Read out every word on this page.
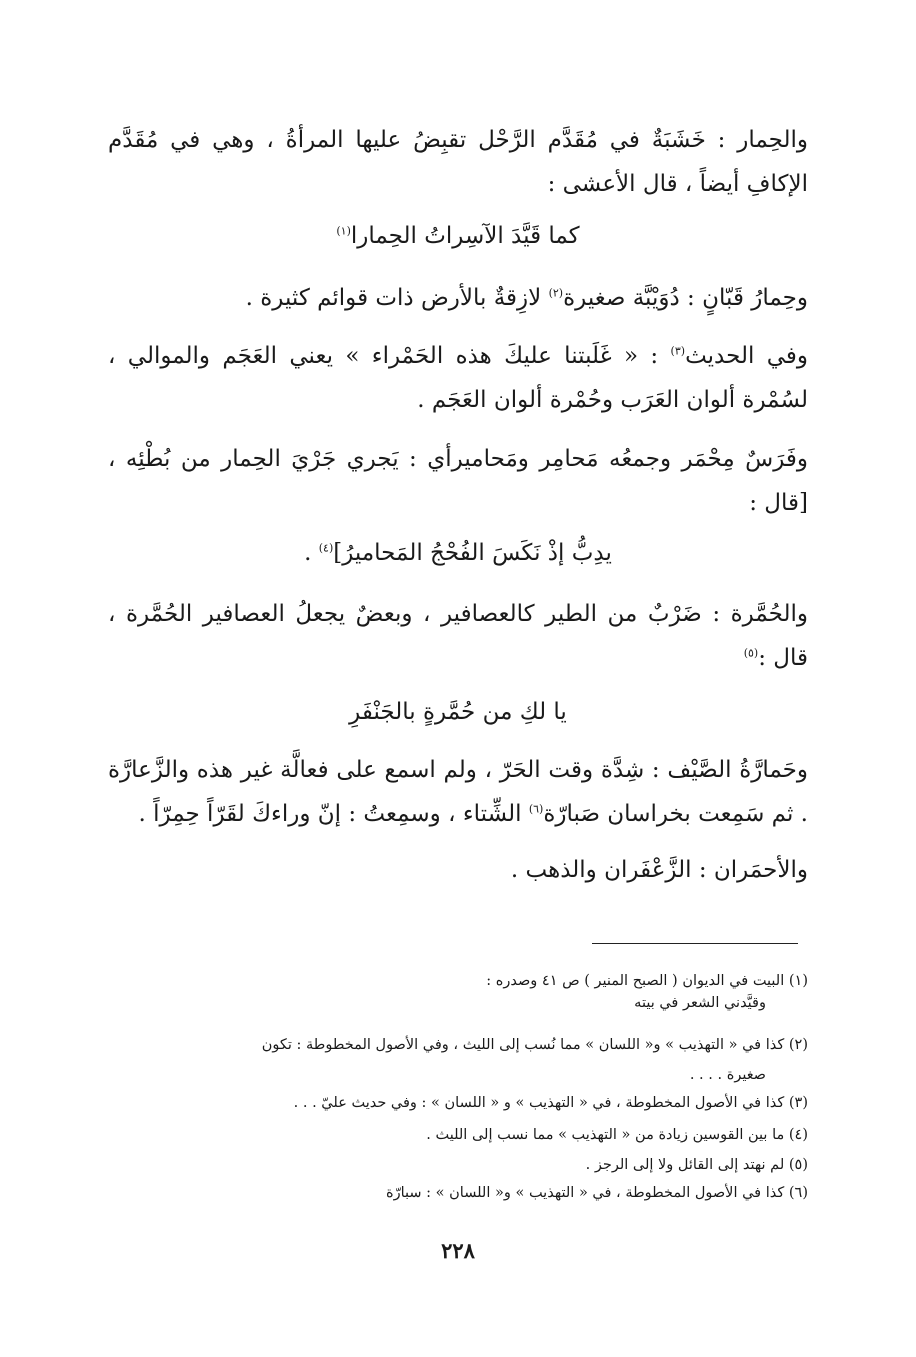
والحِمار : خَشَبَةٌ في مُقَدَّم الرَّحْل تقبِضُ عليها المرأةُ ، وهي في مُقَدَّم الإكافِ أيضاً ، قال الأعشى :

كما قَيَّدَ الآسِراتُ الحِمارا$^{(١)}$

وحِمارُ قَبّانٍ : دُوَيْبَّة صغيرة$^{(٢)}$ لازِقةٌ بالأرض ذات قوائم كثيرة .

وفي الحديث$^{(٣)}$ : « غَلَبتنا عليكَ هذه الحَمْراء » يعني العَجَم والموالي ، لسُمْرة ألوان العَرَب وحُمْرة ألوان العَجَم .

وفَرَسٌ مِحْمَر وجمعُه مَحامِر ومَحاميرأي : يَجري جَرْيَ الحِمار من بُطْئِه ، [قال :

يدِبُّ إذْ نَكَسَ الفُحْجُ المَحاميرُ]$^{(٤)}$ .

والحُمَّرة : ضَرْبٌ من الطير كالعصافير ، وبعضٌ يجعلُ العصافير الحُمَّرة ، قال :$^{(٥)}$

يا لكِ من حُمَّرةٍ بالجَنْفَرِ

وحَمارَّةُ الصَّيْف : شِدَّة وقت الحَرّ ، ولم اسمع على فعالَّة غير هذه والزَّعارَّة . ثم سَمِعت بخراسان صَبارّة$^{(٦)}$ الشِّتاء ، وسمِعتُ : إنّ وراءكَ لقَرّاً حِمِرّاً .

والأحمَران : الزَّعْفَران والذهب .

(١) البيت في الديوان ( الصبح المنير ) ص ٤١ وصدره :

وقيَّدني الشعر في بيته

(٢) كذا في « التهذيب » و« اللسان » مما نُسب إلى الليث ، وفي الأصول المخطوطة : تكون

صغيرة . . . .

(٣) كذا في الأصول المخطوطة ، في « التهذيب » و « اللسان » : وفي حديث عليّ . . .

(٤) ما بين القوسين زيادة من « التهذيب » مما نسب إلى الليث .

(٥) لم نهتد إلى القائل ولا إلى الرجز .

(٦) كذا في الأصول المخطوطة ، في « التهذيب » و« اللسان » : سبارّة

٢٢٨
